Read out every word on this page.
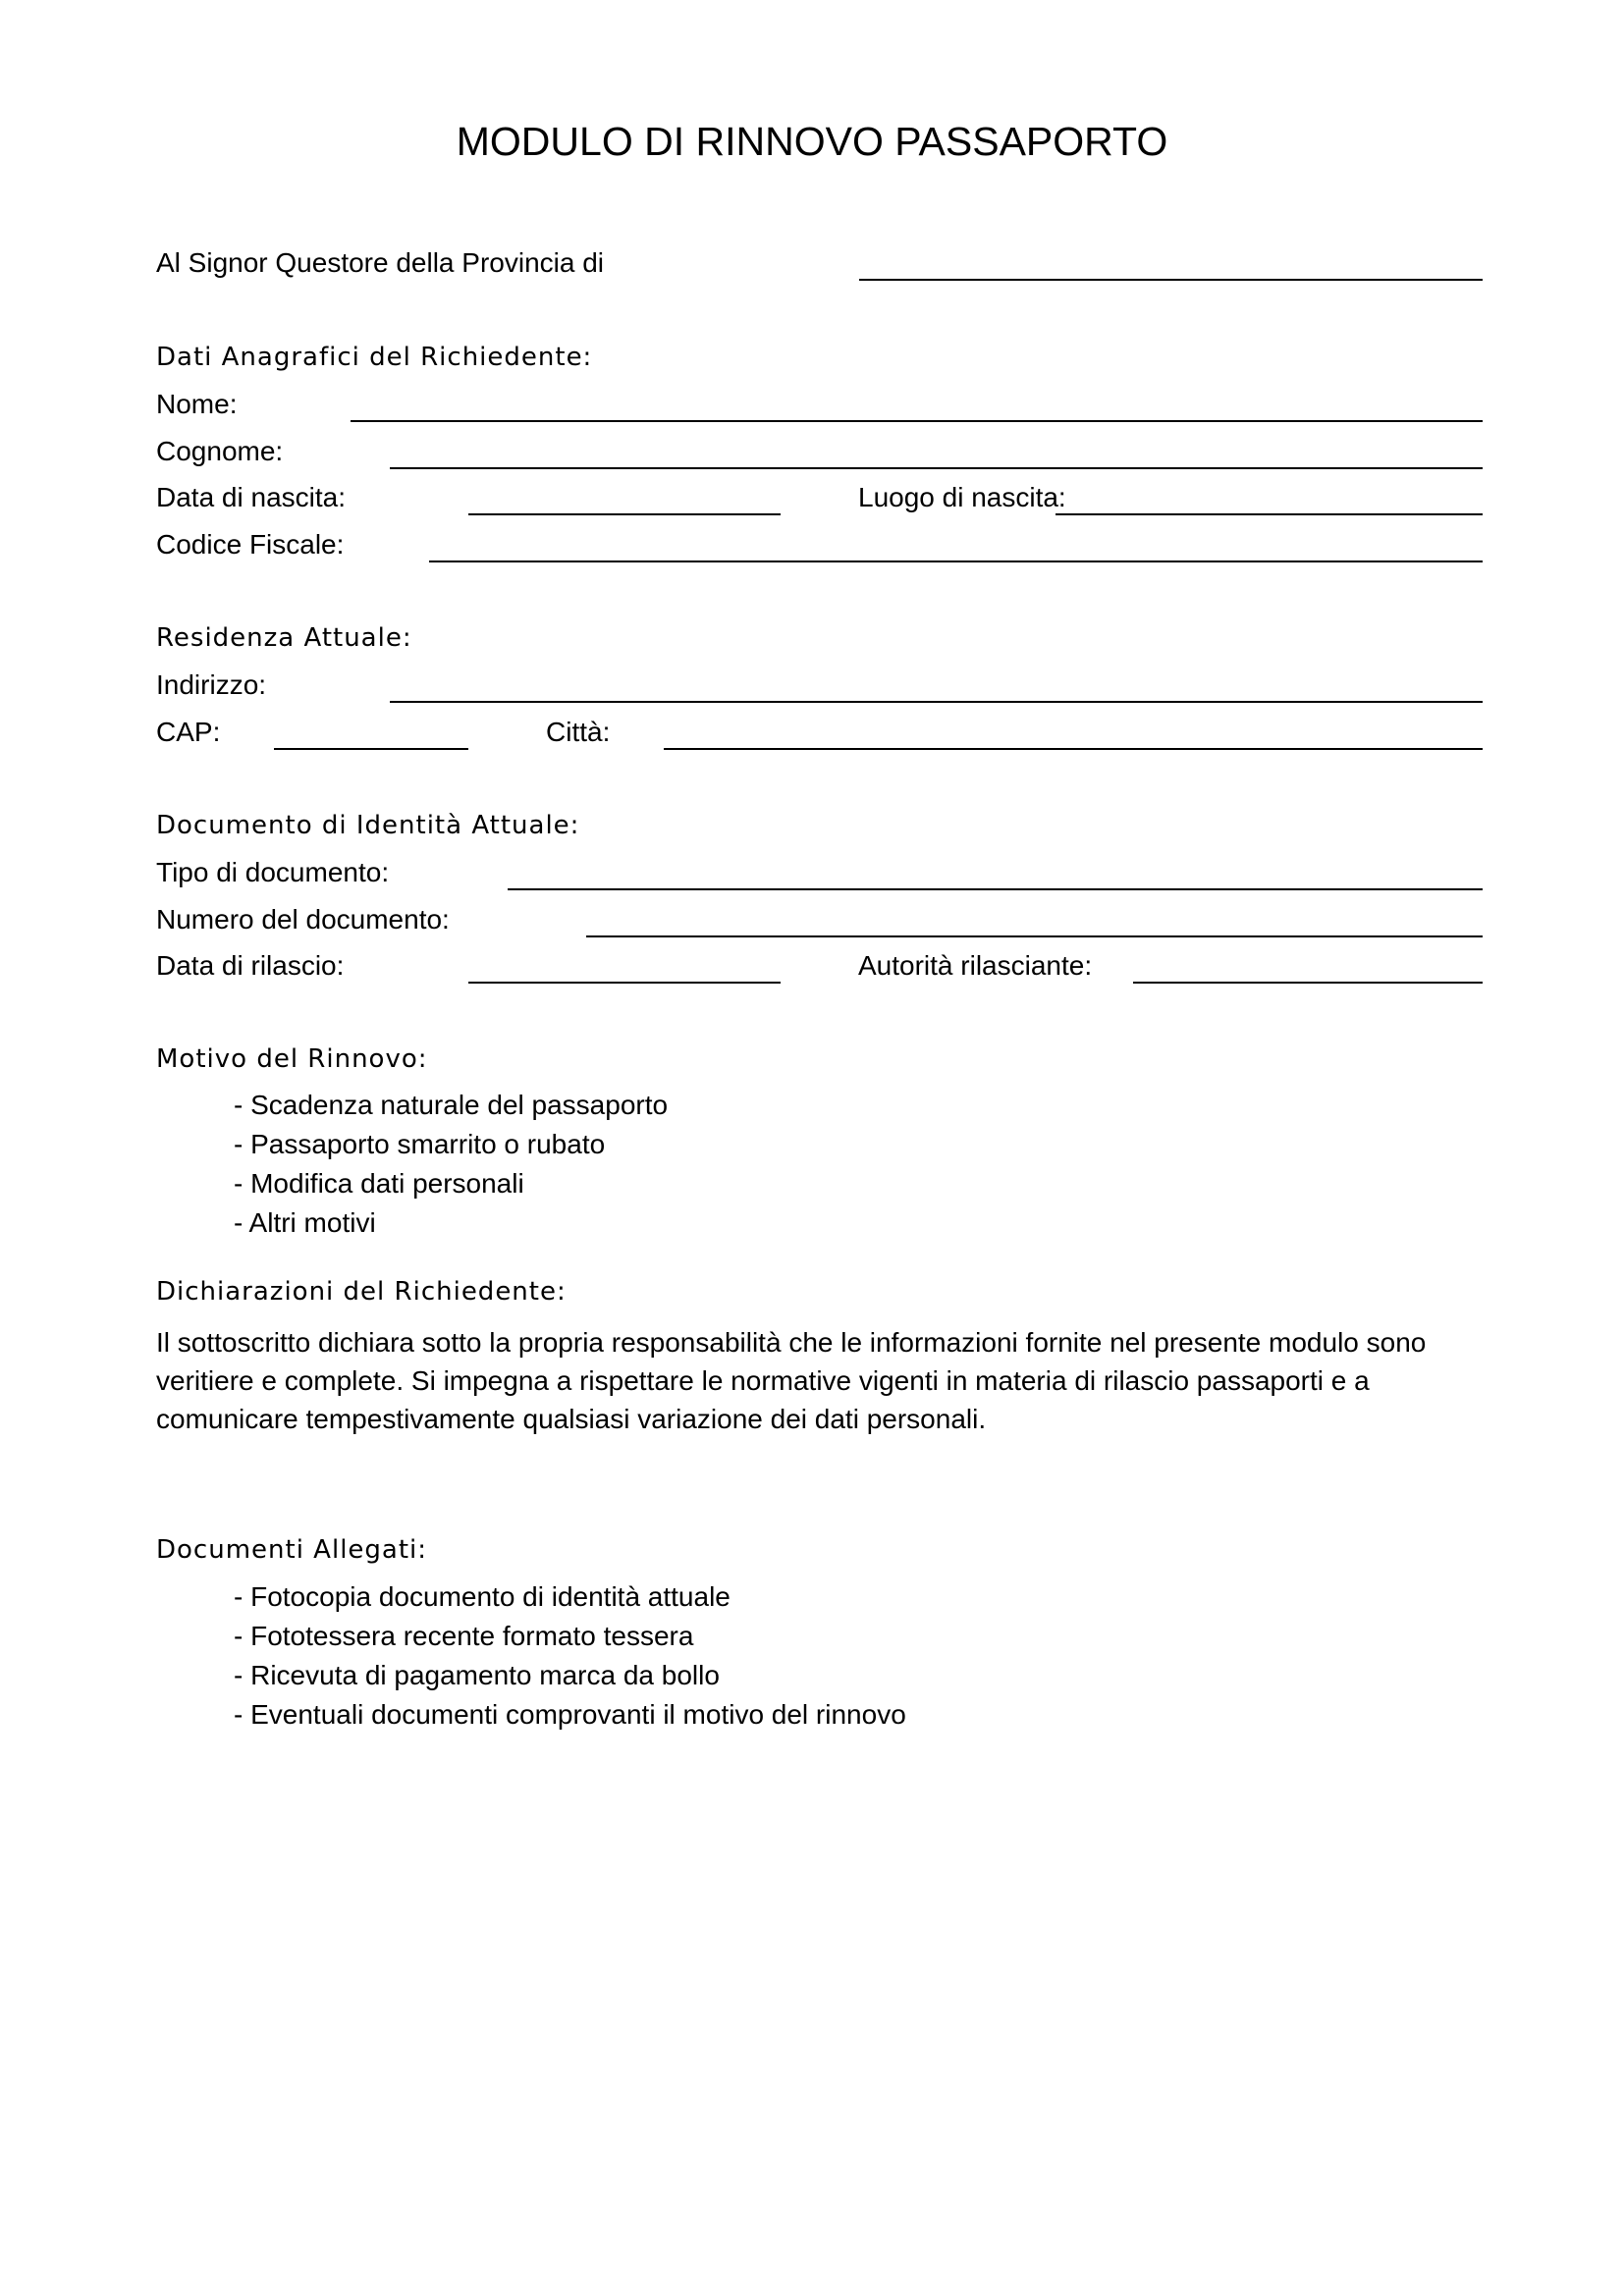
MODULO DI RINNOVO PASSAPORTO
Al Signor Questore della Provincia di
Dati Anagrafici del Richiedente:
Nome:
Cognome:
Data di nascita:	Luogo di nascita:
Codice Fiscale:
Residenza Attuale:
Indirizzo:
CAP:	Città:
Documento di Identità Attuale:
Tipo di documento:
Numero del documento:
Data di rilascio:	Autorità rilasciante:
Motivo del Rinnovo:
- Scadenza naturale del passaporto
- Passaporto smarrito o rubato
- Modifica dati personali
- Altri motivi
Dichiarazioni del Richiedente:
Il sottoscritto dichiara sotto la propria responsabilità che le informazioni fornite nel presente modulo sono
veritiere e complete. Si impegna a rispettare le normative vigenti in materia di rilascio passaporti e a
comunicare tempestivamente qualsiasi variazione dei dati personali.
Documenti Allegati:
- Fotocopia documento di identità attuale
- Fototessera recente formato tessera
- Ricevuta di pagamento marca da bollo
- Eventuali documenti comprovanti il motivo del rinnovo
